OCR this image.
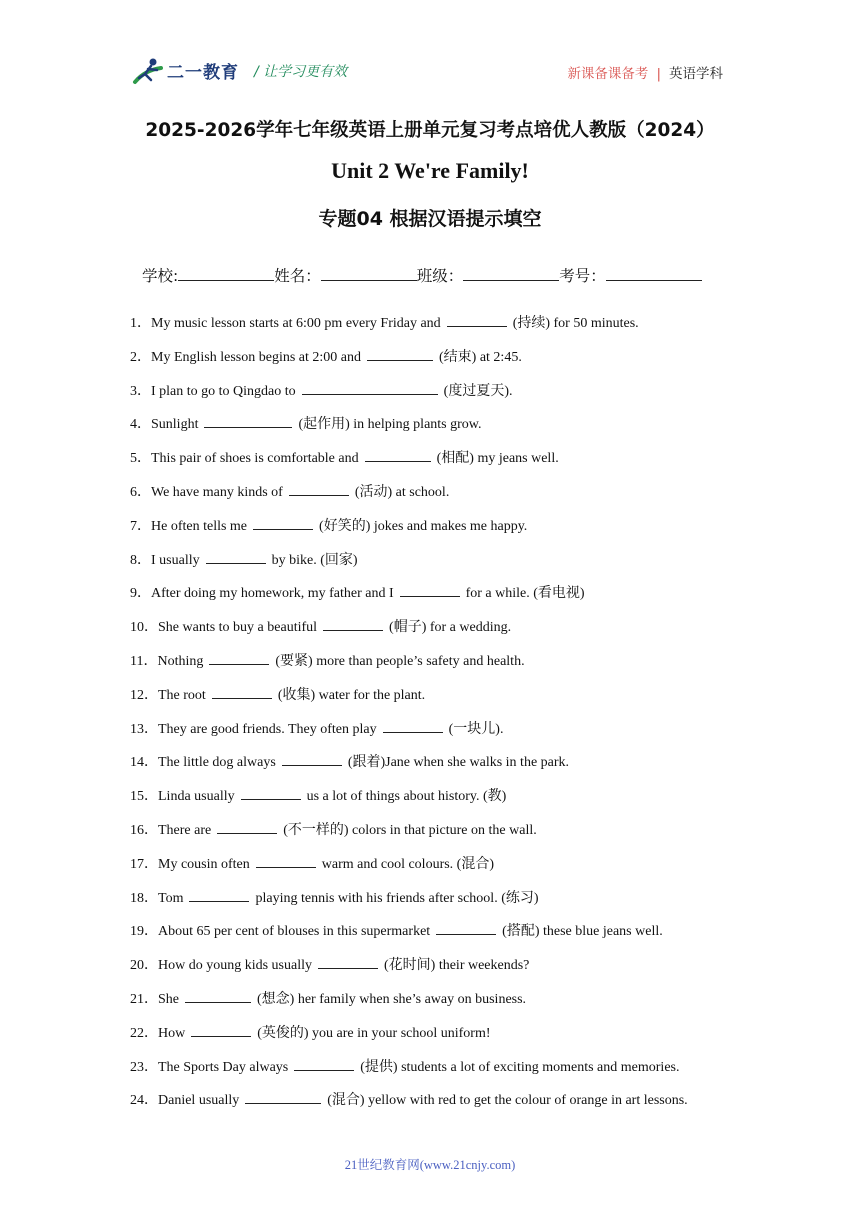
二一教育 / 让学习更有效	新课备课备考 | 英语学科
2025-2026学年七年级英语上册单元复习考点培优人教版（2024）
Unit 2 We're Family!
专题04 根据汉语提示填空
学校:	姓名：	班级：	考号：
1．My music lesson starts at 6:00 pm every Friday and	(持续) for 50 minutes.
2．My English lesson begins at 2:00 and	(结束) at 2:45.
3．I plan to go to Qingdao to	(度过夏天).
4．Sunlight	(起作用) in helping plants grow.
5．This pair of shoes is comfortable and	(相配) my jeans well.
6．We have many kinds of	(活动) at school.
7．He often tells me	(好笑的) jokes and makes me happy.
8．I usually	by bike. (回家)
9．After doing my homework, my father and I	for a while. (看电视)
10．She wants to buy a beautiful	(帽子) for a wedding.
11．Nothing	(要紧) more than people’s safety and health.
12．The root	(收集) water for the plant.
13．They are good friends. They often play	(一块儿).
14．The little dog always	(跟着)Jane when she walks in the park.
15．Linda usually	us a lot of things about history. (教)
16．There are	(不一样的) colors in that picture on the wall.
17．My cousin often	warm and cool colours. (混合)
18．Tom	playing tennis with his friends after school. (练习)
19．About 65 per cent of blouses in this supermarket	(搭配) these blue jeans well.
20．How do young kids usually	(花时间) their weekends?
21．She	(想念) her family when she’s away on business.
22．How	(英俊的) you are in your school uniform!
23．The Sports Day always	(提供) students a lot of exciting moments and memories.
24．Daniel usually	(混合) yellow with red to get the colour of orange in art lessons.
21世纪教育网(www.21cnjy.com)
